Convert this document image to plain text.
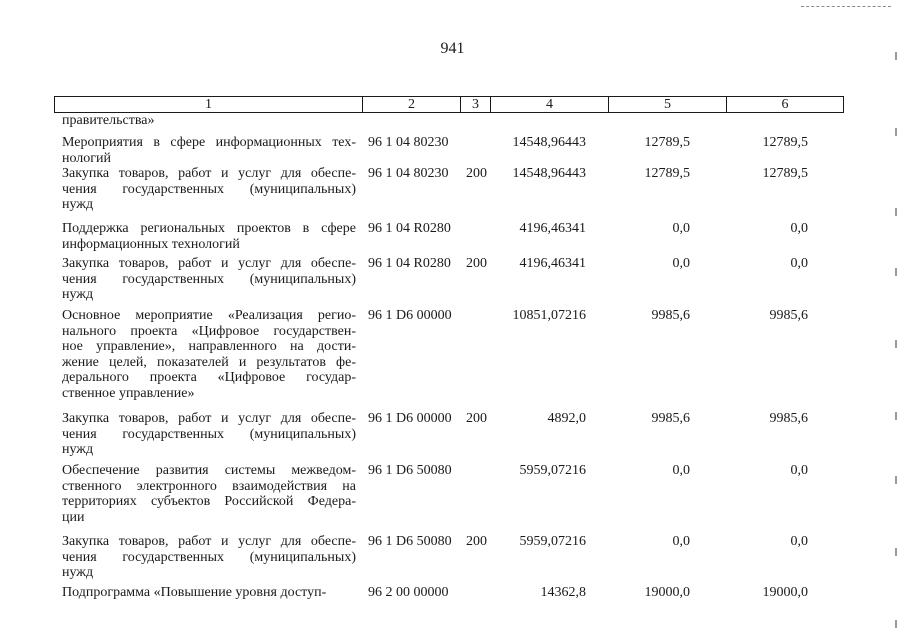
941
1	2	3	4	5	6
правительства»
Мероприятия в сфере информационных тех-
нологий
96 1 04 80230	14548,96443	12789,5	12789,5
Закупка товаров, работ и услуг для обеспе-
чения государственных (муниципальных)
нужд
96 1 04 80230 200	14548,96443	12789,5	12789,5
Поддержка региональных проектов в сфере
информационных технологий
96 1 04 R0280	4196,46341	0,0	0,0
Закупка товаров, работ и услуг для обеспе-
чения государственных (муниципальных)
нужд
96 1 04 R0280 200	4196,46341	0,0	0,0
Основное мероприятие «Реализация регио-
нального проекта «Цифровое государствен-
ное управление», направленного на дости-
жение целей, показателей и результатов фе-
дерального проекта «Цифровое государ-
ственное управление»
96 1 D6 00000	10851,07216	9985,6	9985,6
Закупка товаров, работ и услуг для обеспе-
чения государственных (муниципальных)
нужд
96 1 D6 00000 200	4892,0	9985,6	9985,6
Обеспечение развития системы межведом-
ственного электронного взаимодействия на
территориях субъектов Российской Федера-
ции
96 1 D6 50080	5959,07216	0,0	0,0
Закупка товаров, работ и услуг для обеспе-
чения государственных (муниципальных)
нужд
96 1 D6 50080 200	5959,07216	0,0	0,0
Подпрограмма «Повышение уровня доступ-	96 2 00 00000	14362,8	19000,0	19000,0
